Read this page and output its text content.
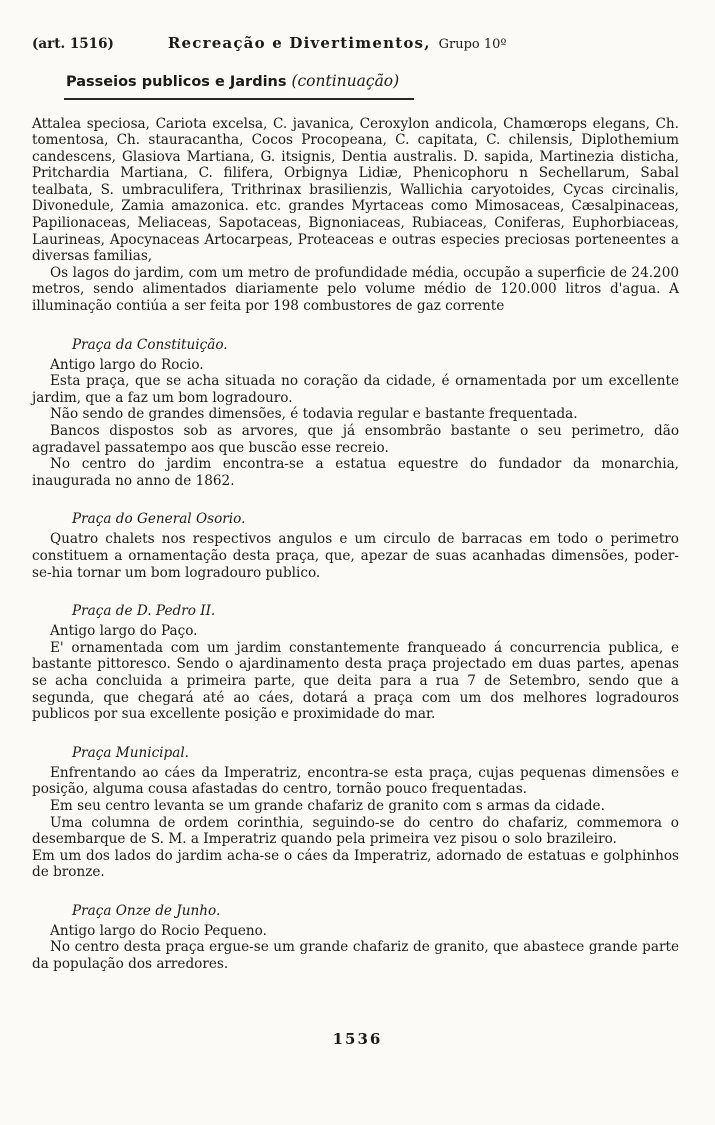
(art. 1516)	Recreação e Divertimentos, Grupo 10º
Passeios publicos e Jardins (continuação)

Attalea speciosa, Cariota excelsa, C. javanica, Ceroxylon andicola, Chamœrops elegans, Ch. tomentosa, Ch. stauracantha, Cocos Procopeana, C. capitata, C. chilensis, Diplothemium candescens, Glasiova Martiana, G. itsignis, Dentia australis. D. sapida, Martinezia disticha, Pritchardia Martiana, C. filifera, Orbignya Lidiæ, Phenicophoru n Sechellarum, Sabal tealbata, S. umbraculifera, Trithrinax brasilienzis, Wallichia caryotoides, Cycas circinalis, Divonedule, Zamia amazonica. etc. grandes Myrtaceas como Mimosaceas, Cæsalpinaceas, Papilionaceas, Meliaceas, Sapotaceas, Bignoniaceas, Rubiaceas, Coniferas, Euphorbiaceas, Laurineas, Apocynaceas Artocarpeas, Proteaceas e outras especies preciosas porteneentes a diversas familias,

Os lagos do jardim, com um metro de profundidade média, occupão a superficie de 24.200 metros, sendo alimentados diariamente pelo volume médio de 120.000 litros d'agua. A illuminação contiúa a ser feita por 198 combustores de gaz corrente

Praça da Constituição.

Antigo largo do Rocio.

Esta praça, que se acha situada no coração da cidade, é ornamentada por um excellente jardim, que a faz um bom logradouro.

Não sendo de grandes dimensões, é todavia regular e bastante frequentada.

Bancos dispostos sob as arvores, que já ensombrão bastante o seu perimetro, dão agradavel passatempo aos que buscão esse recreio.

No centro do jardim encontra-se a estatua equestre do fundador da monarchia, inaugurada no anno de 1862.

Praça do General Osorio.

Quatro chalets nos respectivos angulos e um circulo de barracas em todo o perimetro constituem a ornamentação desta praça, que, apezar de suas acanhadas dimensões, poder-se-hia tornar um bom logradouro publico.

Praça de D. Pedro II.

Antigo largo do Paço.

E' ornamentada com um jardim constantemente franqueado á concurrencia publica, e bastante pittoresco. Sendo o ajardinamento desta praça projectado em duas partes, apenas se acha concluida a primeira parte, que deita para a rua 7 de Setembro, sendo que a segunda, que chegará até ao cáes, dotará a praça com um dos melhores logradouros publicos por sua excellente posição e proximidade do mar.

Praça Municipal.

Enfrentando ao cáes da Imperatriz, encontra-se esta praça, cujas pequenas dimensões e posição, alguma cousa afastadas do centro, tornão pouco frequentadas.

Em seu centro levanta se um grande chafariz de granito com s armas da cidade.

Uma columna de ordem corinthia, seguindo-se do centro do chafariz, commemora o desembarque de S. M. a Imperatriz quando pela primeira vez pisou o solo brazileiro.

Em um dos lados do jardim acha-se o cáes da Imperatriz, adornado de estatuas e golphinhos de bronze.

Praça Onze de Junho.

Antigo largo do Rocio Pequeno.

No centro desta praça ergue-se um grande chafariz de granito, que abastece grande parte da população dos arredores.

1536
